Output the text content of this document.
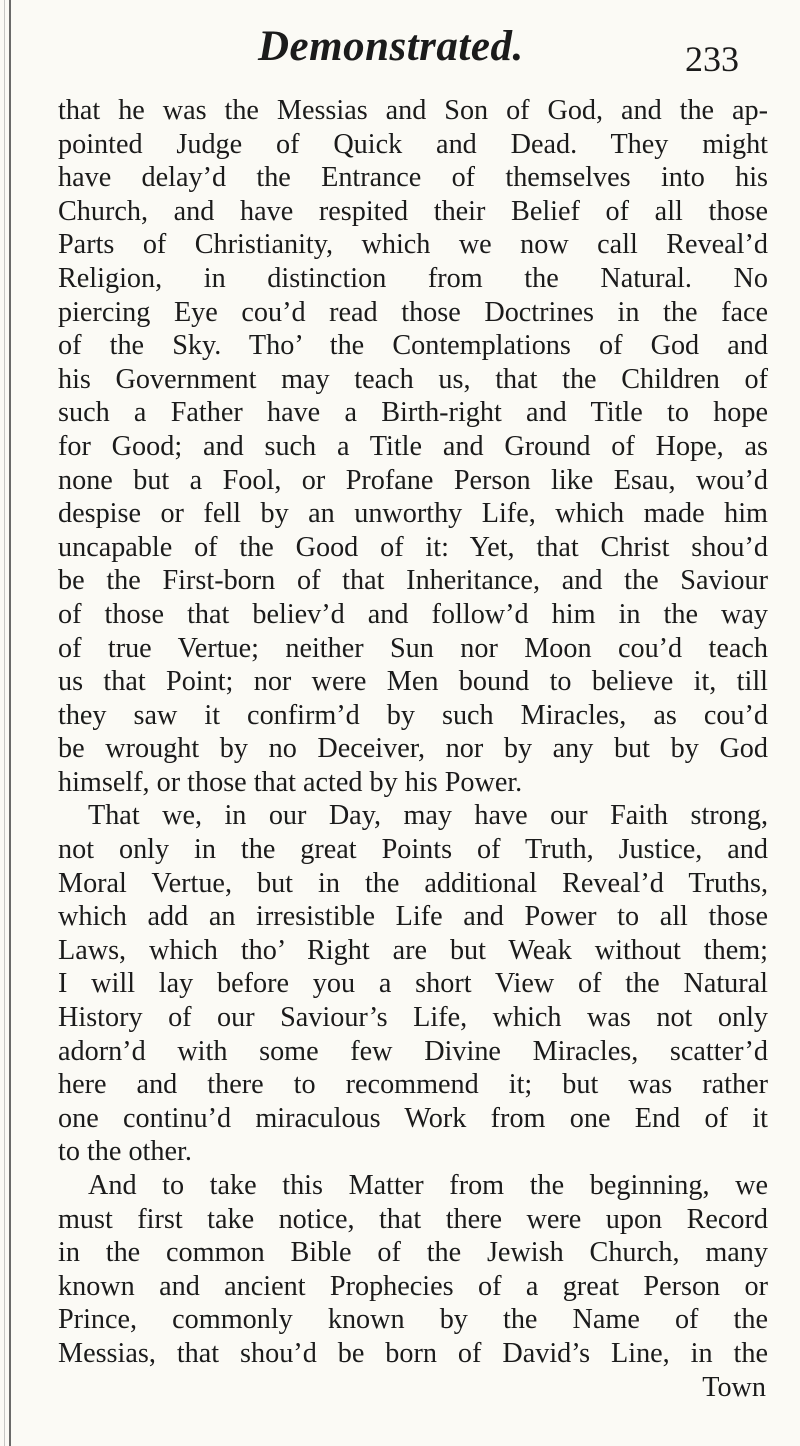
Demonstrated.	233

that he was the Messias and Son of God, and the ap-
pointed Judge of Quick and Dead. They might
have delay’d the Entrance of themselves into his
Church, and have respited their Belief of all those
Parts of Christianity, which we now call Reveal’d
Religion, in distinction from the Natural. No
piercing Eye cou’d read those Doctrines in the face
of the Sky. Tho’ the Contemplations of God and
his Government may teach us, that the Children of
such a Father have a Birth-right and Title to hope
for Good; and such a Title and Ground of Hope, as
none but a Fool, or Profane Person like Esau, wou’d
despise or fell by an unworthy Life, which made him
uncapable of the Good of it: Yet, that Christ shou’d
be the First-born of that Inheritance, and the Saviour
of those that believ’d and follow’d him in the way
of true Vertue; neither Sun nor Moon cou’d teach
us that Point; nor were Men bound to believe it, till
they saw it confirm’d by such Miracles, as cou’d
be wrought by no Deceiver, nor by any but by God
himself, or those that acted by his Power.

That we, in our Day, may have our Faith strong,
not only in the great Points of Truth, Justice, and
Moral Vertue, but in the additional Reveal’d Truths,
which add an irresistible Life and Power to all those
Laws, which tho’ Right are but Weak without them;
I will lay before you a short View of the Natural
History of our Saviour’s Life, which was not only
adorn’d with some few Divine Miracles, scatter’d
here and there to recommend it; but was rather
one continu’d miraculous Work from one End of it
to the other.

And to take this Matter from the beginning, we
must first take notice, that there were upon Record
in the common Bible of the Jewish Church, many
known and ancient Prophecies of a great Person or
Prince, commonly known by the Name of the
Messias, that shou’d be born of David’s Line, in the

Town
